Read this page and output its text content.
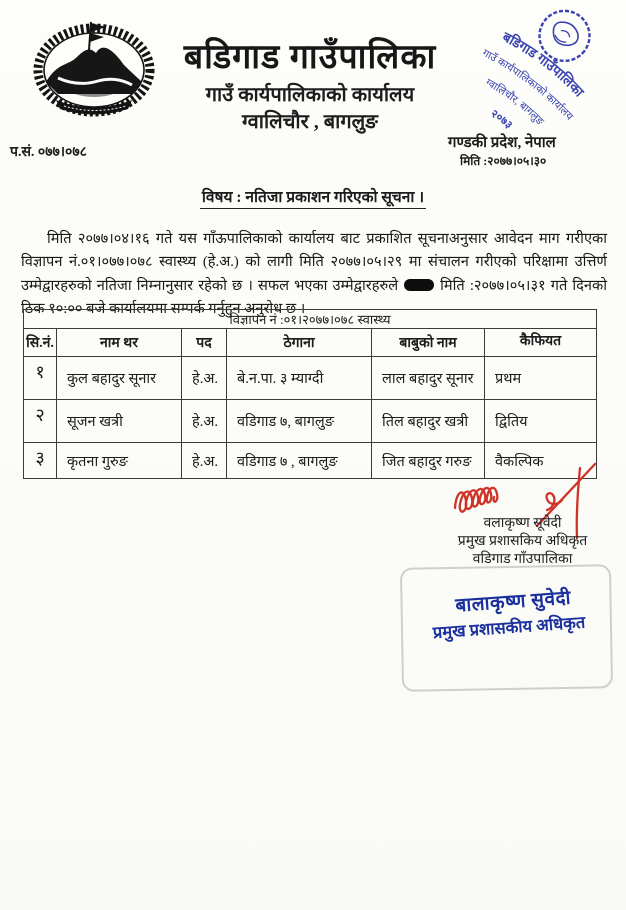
बडिगाड गाउँपालिका
गाउँ कार्यपालिकाको कार्यालय
ग्वालिचौर , बागलुङ
गण्डकी प्रदेश, नेपाल
मिति :२०७७।०५।३०
प.सं. ०७७।०७८
बडिगाड गाउँपालिका
गाउँ कार्यपालिकाको कार्यालय
ग्वालिचौर, बागलुङ
२०७३
विषय : नतिजा प्रकाशन गरिएको सूचना ।

मिति २०७७।०४।१६ गते यस गाँऊपालिकाको कार्यालय बाट प्रकाशित सूचनाअनुसार आवेदन माग गरीएका विज्ञापन नं.०१।०७७।०७८ स्वास्थ्य (हे.अ.) को लागी मिति २०७७।०५।२९ मा संचालन गरीएको परिक्षामा उत्तिर्ण उम्मेद्वारहरुको नतिजा निम्नानुसार रहेको छ । सफल भएका उम्मेद्वारहरुले	मिति :२०७७।०५।३१ गते दिनको ठिक १०:०० बजे कार्यालयमा सम्पर्क गर्नुहुन अनुरोध छ ।

विज्ञापन नं :०१।२०७७।०७८ स्वास्थ्य					
सि.नं.	नाम थर	पद	ठेगाना	बाबुको नाम	कैफियत
१	कुल बहादुर सूनार	हे.अ.	बे.न.पा. ३ म्याग्दी	लाल बहादुर सूनार	प्रथम
२	सूजन खत्री	हे.अ.	वडिगाड ७, बागलुङ	तिल बहादुर खत्री	द्वितिय
३	कृतना गुरुङ	हे.अ.	वडिगाड ७ , बागलुङ	जित बहादुर गरुङ	वैकल्पिक
वलाकृष्ण सूवेदी
प्रमुख प्रशासकिय अधिकृत
वडिगाड गाँउपालिका
बालाकृष्ण सुवेदी
प्रमुख प्रशासकीय अधिकृत
